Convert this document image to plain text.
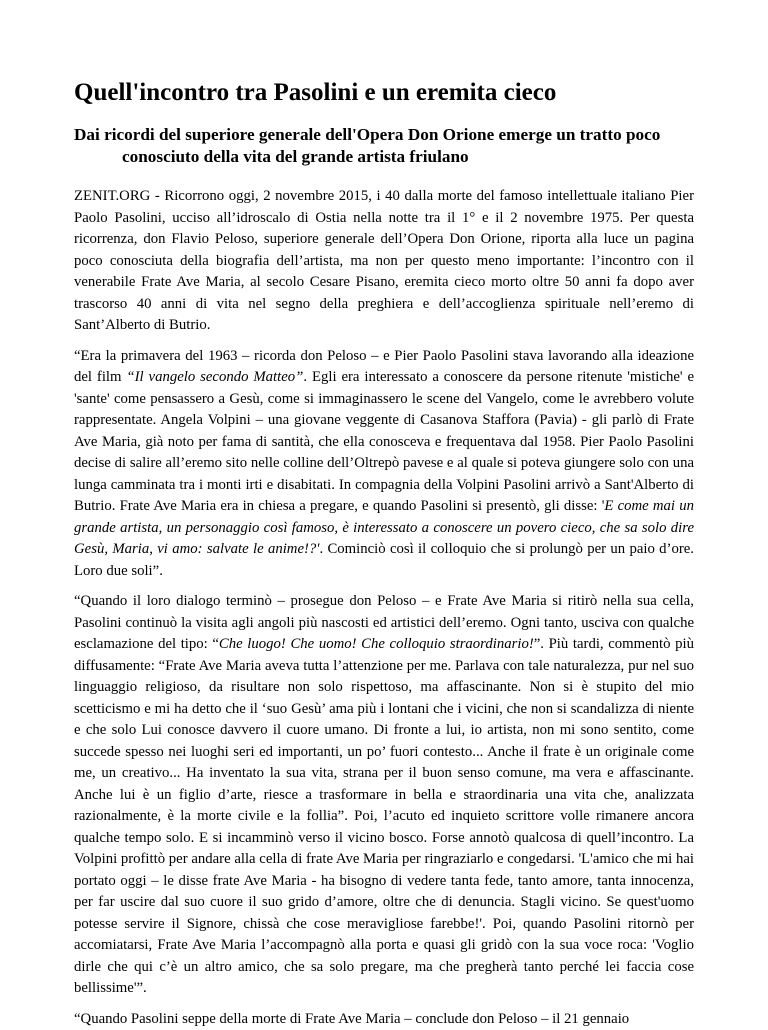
Quell'incontro tra Pasolini e un eremita cieco
Dai ricordi del superiore generale dell'Opera Don Orione emerge un tratto poco conosciuto della vita del grande artista friulano

ZENIT.ORG - Ricorrono oggi, 2 novembre 2015, i 40 dalla morte del famoso intellettuale italiano Pier Paolo Pasolini, ucciso all’idroscalo di Ostia nella notte tra il 1° e il 2 novembre 1975. Per questa ricorrenza, don Flavio Peloso, superiore generale dell’Opera Don Orione, riporta alla luce un pagina poco conosciuta della biografia dell’artista, ma non per questo meno importante: l’incontro con il venerabile Frate Ave Maria, al secolo Cesare Pisano, eremita cieco morto oltre 50 anni fa dopo aver trascorso 40 anni di vita nel segno della preghiera e dell’accoglienza spirituale nell’eremo di Sant’Alberto di Butrio.

“Era la primavera del 1963 – ricorda don Peloso – e Pier Paolo Pasolini stava lavorando alla ideazione del film “Il vangelo secondo Matteo”. Egli era interessato a conoscere da persone ritenute 'mistiche' e 'sante' come pensassero a Gesù, come si immaginassero le scene del Vangelo, come le avrebbero volute rappresentate. Angela Volpini – una giovane veggente di Casanova Staffora (Pavia) - gli parlò di Frate Ave Maria, già noto per fama di santità, che ella conosceva e frequentava dal 1958. Pier Paolo Pasolini decise di salire all’eremo sito nelle colline dell’Oltrepò pavese e al quale si poteva giungere solo con una lunga camminata tra i monti irti e disabitati. In compagnia della Volpini Pasolini arrivò a Sant'Alberto di Butrio. Frate Ave Maria era in chiesa a pregare, e quando Pasolini si presentò, gli disse: 'E come mai un grande artista, un personaggio così famoso, è interessato a conoscere un povero cieco, che sa solo dire Gesù, Maria, vi amo: salvate le anime!?'. Cominciò così il colloquio che si prolungò per un paio d’ore. Loro due soli”.

“Quando il loro dialogo terminò – prosegue don Peloso – e Frate Ave Maria si ritirò nella sua cella, Pasolini continuò la visita agli angoli più nascosti ed artistici dell’eremo. Ogni tanto, usciva con qualche esclamazione del tipo: “Che luogo! Che uomo! Che colloquio straordinario!”. Più tardi, commentò più diffusamente: “Frate Ave Maria aveva tutta l’attenzione per me. Parlava con tale naturalezza, pur nel suo linguaggio religioso, da risultare non solo rispettoso, ma affascinante. Non si è stupito del mio scetticismo e mi ha detto che il ‘suo Gesù’ ama più i lontani che i vicini, che non si scandalizza di niente e che solo Lui conosce davvero il cuore umano. Di fronte a lui, io artista, non mi sono sentito, come succede spesso nei luoghi seri ed importanti, un po’ fuori contesto... Anche il frate è un originale come me, un creativo... Ha inventato la sua vita, strana per il buon senso comune, ma vera e affascinante. Anche lui è un figlio d’arte, riesce a trasformare in bella e straordinaria una vita che, analizzata razionalmente, è la morte civile e la follia”. Poi, l’acuto ed inquieto scrittore volle rimanere ancora qualche tempo solo. E si incamminò verso il vicino bosco. Forse annotò qualcosa di quell’incontro. La Volpini profittò per andare alla cella di frate Ave Maria per ringraziarlo e congedarsi. 'L'amico che mi hai portato oggi – le disse frate Ave Maria - ha bisogno di vedere tanta fede, tanto amore, tanta innocenza, per far uscire dal suo cuore il suo grido d’amore, oltre che di denuncia. Stagli vicino. Se quest'uomo potesse servire il Signore, chissà che cose meravigliose farebbe!'. Poi, quando Pasolini ritornò per accomiatarsi, Frate Ave Maria l’accompagnò alla porta e quasi gli gridò con la sua voce roca: 'Voglio dirle che qui c’è un altro amico, che sa solo pregare, ma che pregherà tanto perché lei faccia cose bellissime'”.

“Quando Pasolini seppe della morte di Frate Ave Maria – conclude don Peloso – il 21 gennaio
